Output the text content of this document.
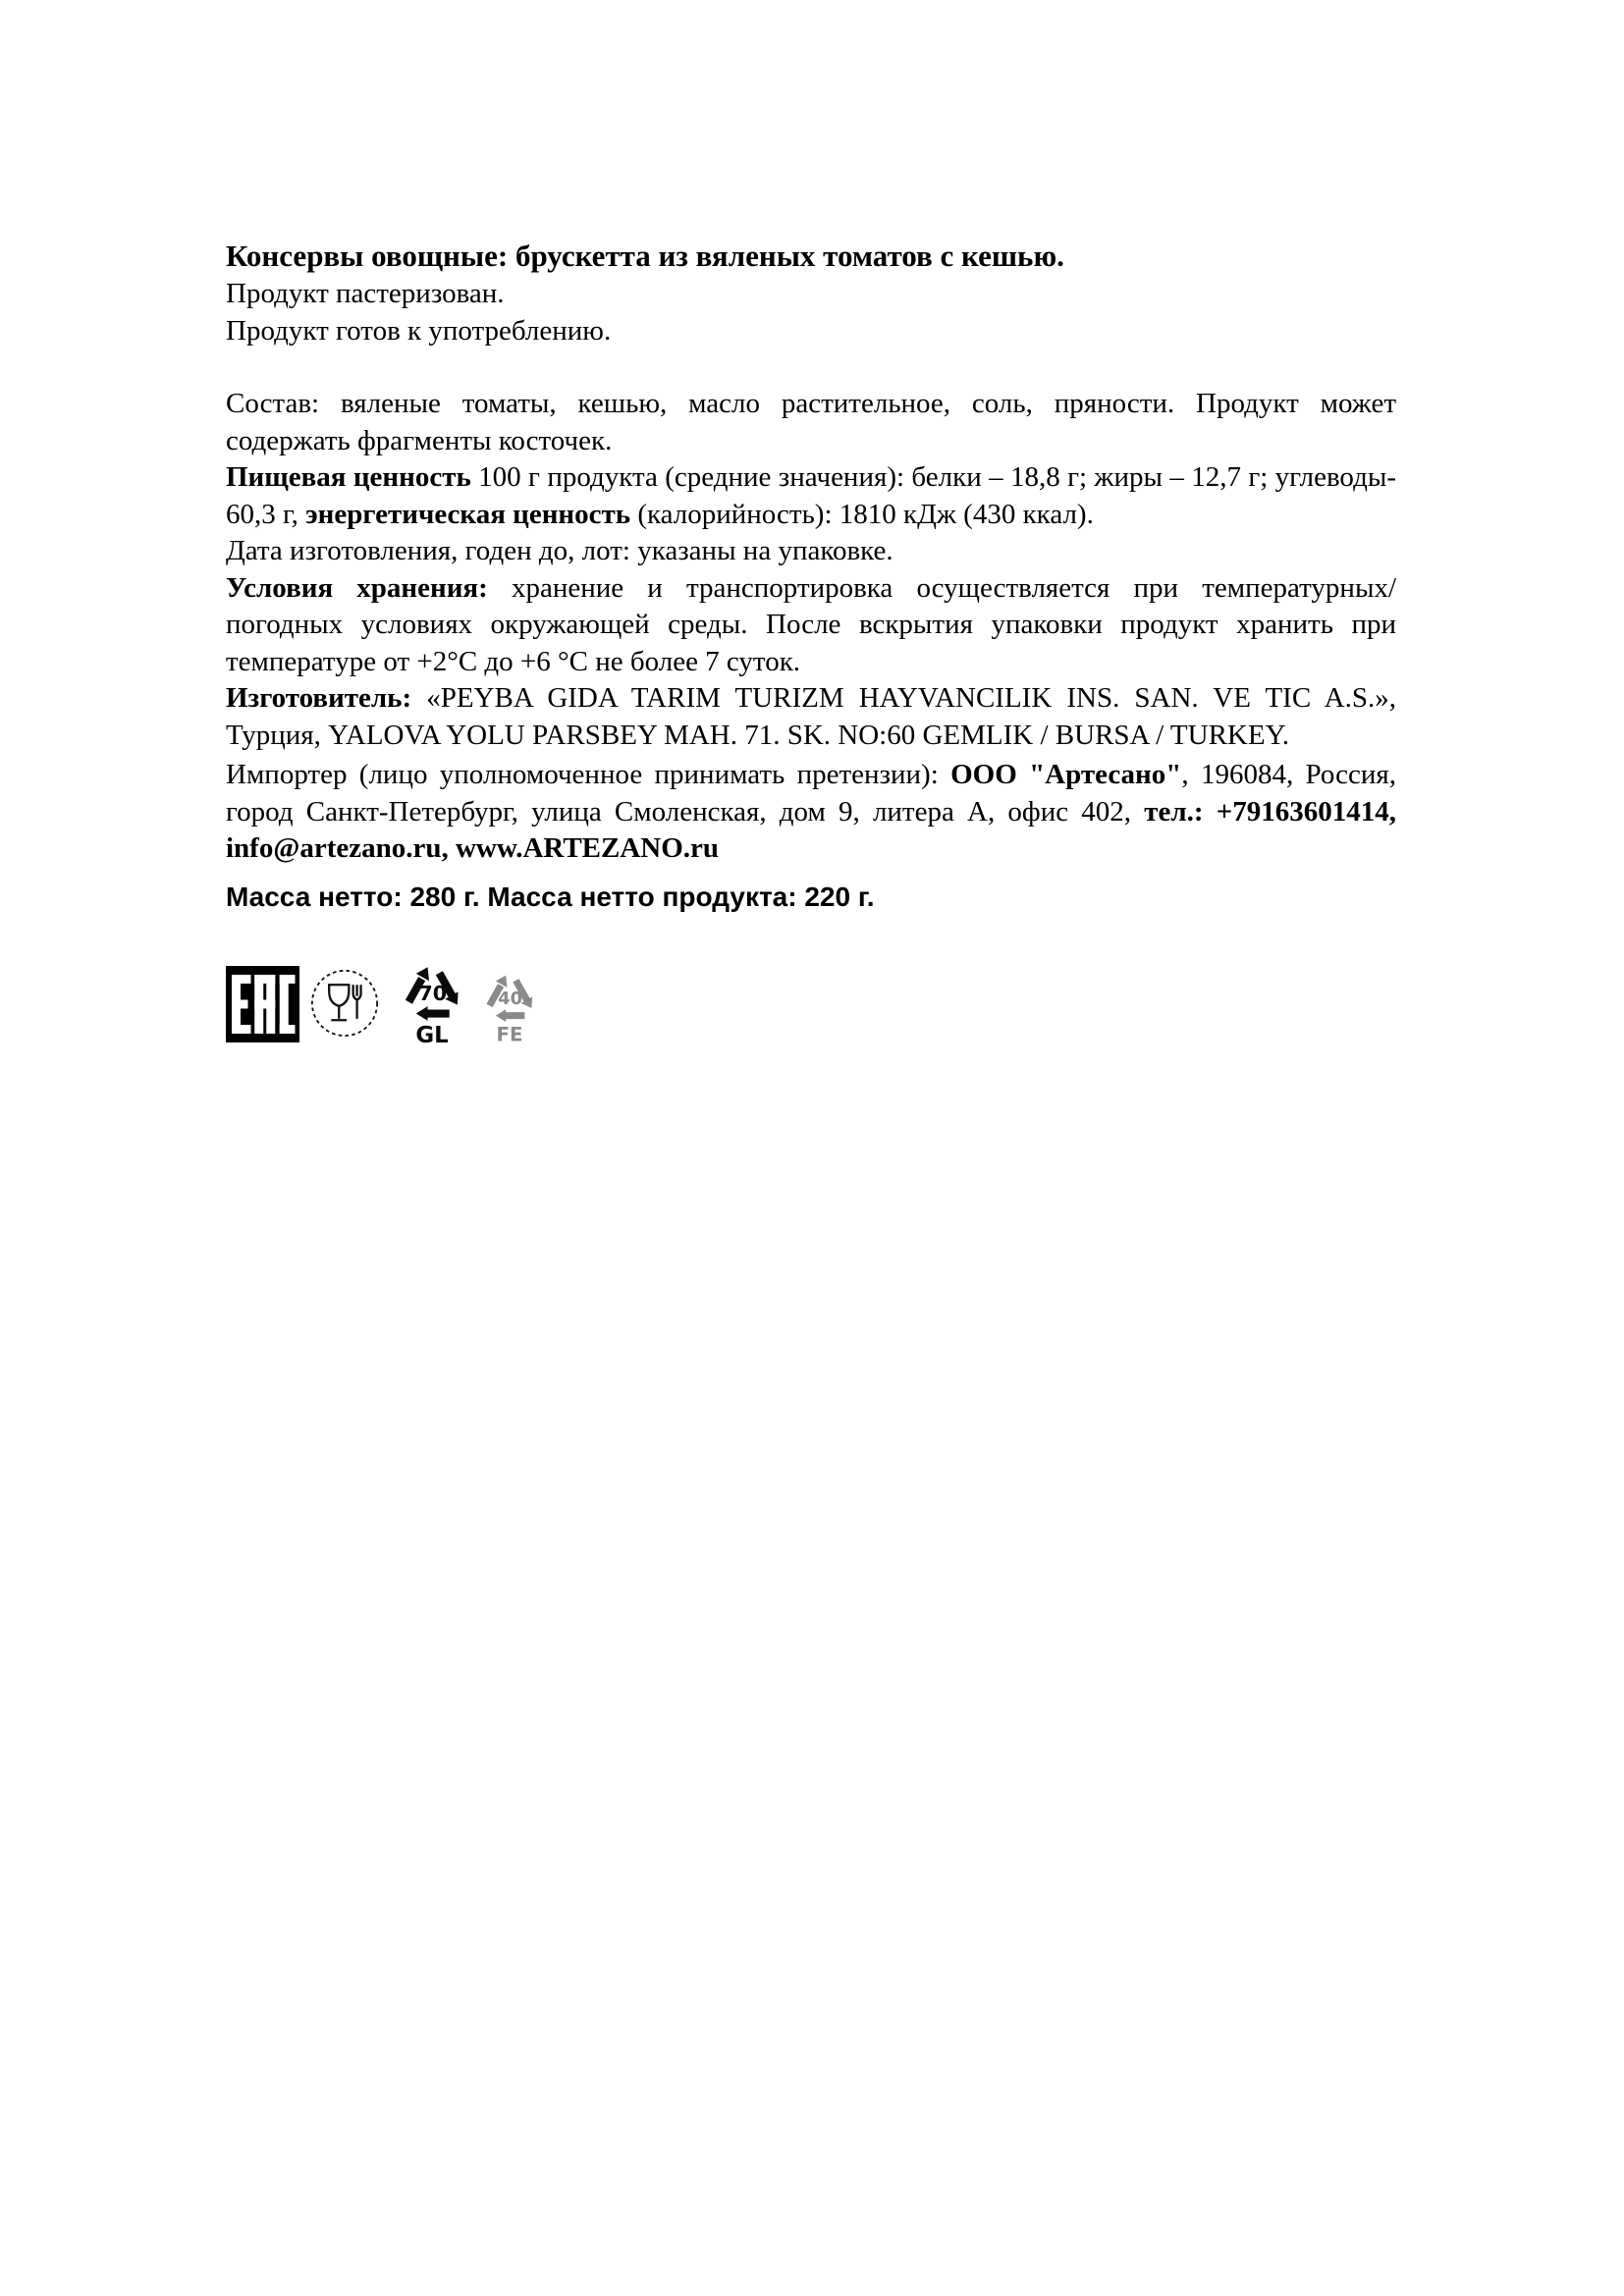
Консервы овощные: брускетта из вяленых томатов с кешью.

Продукт пастеризован.

Продукт готов к употреблению.

Состав: вяленые томаты, кешью, масло растительное, соль, пряности. Продукт может содержать фрагменты косточек.

Пищевая ценность 100 г продукта (средние значения): белки – 18,8 г; жиры – 12,7 г; углеводы- 60,3 г, энергетическая ценность (калорийность): 1810 кДж (430 ккал).

Дата изготовления, годен до, лот: указаны на упаковке.

Условия хранения: хранение и транспортировка осуществляется при температурных/ погодных условиях окружающей среды. После вскрытия упаковки продукт хранить при температуре от +2°С до +6 °С не более 7 суток.

Изготовитель: «PEYBA GIDA TARIM TURIZM HAYVANCILIK INS. SAN. VE TIC A.S.», Турция, YALOVA YOLU PARSBEY MAH. 71. SK. NO:60 GEMLIK / BURSA / TURKEY.

Импортер (лицо уполномоченное принимать претензии): ООО "Артесано", 196084, Россия, город Санкт-Петербург, улица Смоленская, дом 9, литера А, офис 402, тел.: +79163601414, info@artezano.ru, www.ARTEZANO.ru

Масса нетто: 280 г. Масса нетто продукта: 220 г.

70
GL
40
FE
